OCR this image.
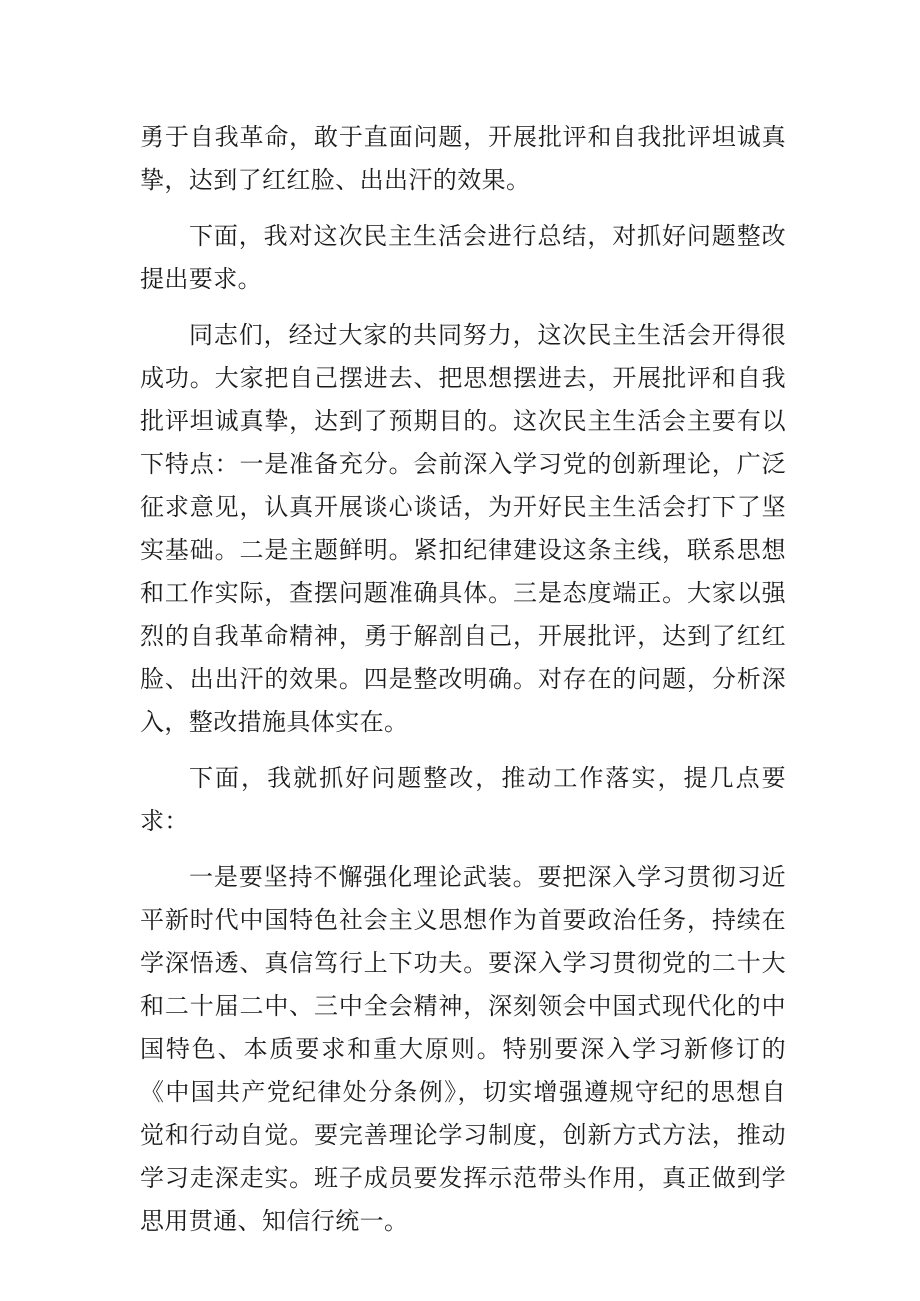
勇于自我革命，敢于直面问题，开展批评和自我批评坦诚真挚，达到了红红脸、出出汗的效果。

下面，我对这次民主生活会进行总结，对抓好问题整改提出要求。

同志们，经过大家的共同努力，这次民主生活会开得很成功。大家把自己摆进去、把思想摆进去，开展批评和自我批评坦诚真挚，达到了预期目的。这次民主生活会主要有以下特点：一是准备充分。会前深入学习党的创新理论，广泛征求意见，认真开展谈心谈话，为开好民主生活会打下了坚实基础。二是主题鲜明。紧扣纪律建设这条主线，联系思想和工作实际，查摆问题准确具体。三是态度端正。大家以强烈的自我革命精神，勇于解剖自己，开展批评，达到了红红脸、出出汗的效果。四是整改明确。对存在的问题，分析深入，整改措施具体实在。

下面，我就抓好问题整改，推动工作落实，提几点要求：

一是要坚持不懈强化理论武装。要把深入学习贯彻习近平新时代中国特色社会主义思想作为首要政治任务，持续在学深悟透、真信笃行上下功夫。要深入学习贯彻党的二十大和二十届二中、三中全会精神，深刻领会中国式现代化的中国特色、本质要求和重大原则。特别要深入学习新修订的《中国共产党纪律处分条例》，切实增强遵规守纪的思想自觉和行动自觉。要完善理论学习制度，创新方式方法，推动学习走深走实。班子成员要发挥示范带头作用，真正做到学思用贯通、知信行统一。
